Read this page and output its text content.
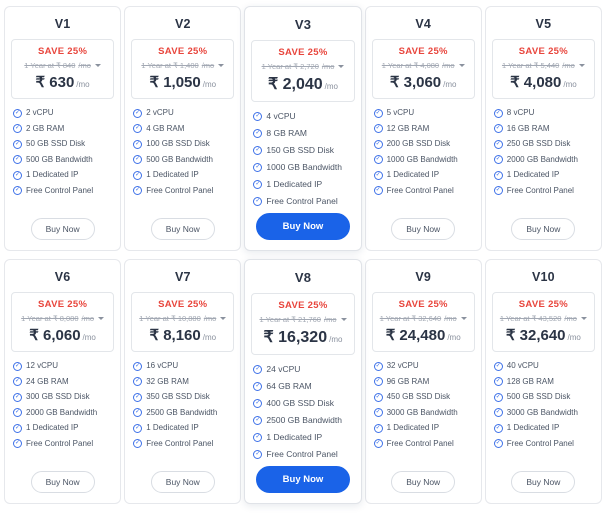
V1
SAVE 25%
1 Year at ₹ 840 /mo
₹ 630 /mo
✓ 2 vCPU
✓ 2 GB RAM
✓ 50 GB SSD Disk
✓ 500 GB Bandwidth
✓ 1 Dedicated IP
✓ Free Control Panel
Buy Now
V2
SAVE 25%
1 Year at ₹ 1,400 /mo
₹ 1,050 /mo
✓ 2 vCPU
✓ 4 GB RAM
✓ 100 GB SSD Disk
✓ 500 GB Bandwidth
✓ 1 Dedicated IP
✓ Free Control Panel
Buy Now
V3
SAVE 25%
1 Year at ₹ 2,720 /mo
₹ 2,040 /mo
✓ 4 vCPU
✓ 8 GB RAM
✓ 150 GB SSD Disk
✓ 1000 GB Bandwidth
✓ 1 Dedicated IP
✓ Free Control Panel
Buy Now
V4
SAVE 25%
1 Year at ₹ 4,080 /mo
₹ 3,060 /mo
✓ 5 vCPU
✓ 12 GB RAM
✓ 200 GB SSD Disk
✓ 1000 GB Bandwidth
✓ 1 Dedicated IP
✓ Free Control Panel
Buy Now
V5
SAVE 25%
1 Year at ₹ 5,440 /mo
₹ 4,080 /mo
✓ 8 vCPU
✓ 16 GB RAM
✓ 250 GB SSD Disk
✓ 2000 GB Bandwidth
✓ 1 Dedicated IP
✓ Free Control Panel
Buy Now
V6
SAVE 25%
1 Year at ₹ 8,080 /mo
₹ 6,060 /mo
✓ 12 vCPU
✓ 24 GB RAM
✓ 300 GB SSD Disk
✓ 2000 GB Bandwidth
✓ 1 Dedicated IP
✓ Free Control Panel
Buy Now
V7
SAVE 25%
1 Year at ₹ 10,880 /mo
₹ 8,160 /mo
✓ 16 vCPU
✓ 32 GB RAM
✓ 350 GB SSD Disk
✓ 2500 GB Bandwidth
✓ 1 Dedicated IP
✓ Free Control Panel
Buy Now
V8
SAVE 25%
1 Year at ₹ 21,760 /mo
₹ 16,320 /mo
✓ 24 vCPU
✓ 64 GB RAM
✓ 400 GB SSD Disk
✓ 2500 GB Bandwidth
✓ 1 Dedicated IP
✓ Free Control Panel
Buy Now
V9
SAVE 25%
1 Year at ₹ 32,640 /mo
₹ 24,480 /mo
✓ 32 vCPU
✓ 96 GB RAM
✓ 450 GB SSD Disk
✓ 3000 GB Bandwidth
✓ 1 Dedicated IP
✓ Free Control Panel
Buy Now
V10
SAVE 25%
1 Year at ₹ 43,520 /mo
₹ 32,640 /mo
✓ 40 vCPU
✓ 128 GB RAM
✓ 500 GB SSD Disk
✓ 3000 GB Bandwidth
✓ 1 Dedicated IP
✓ Free Control Panel
Buy Now
